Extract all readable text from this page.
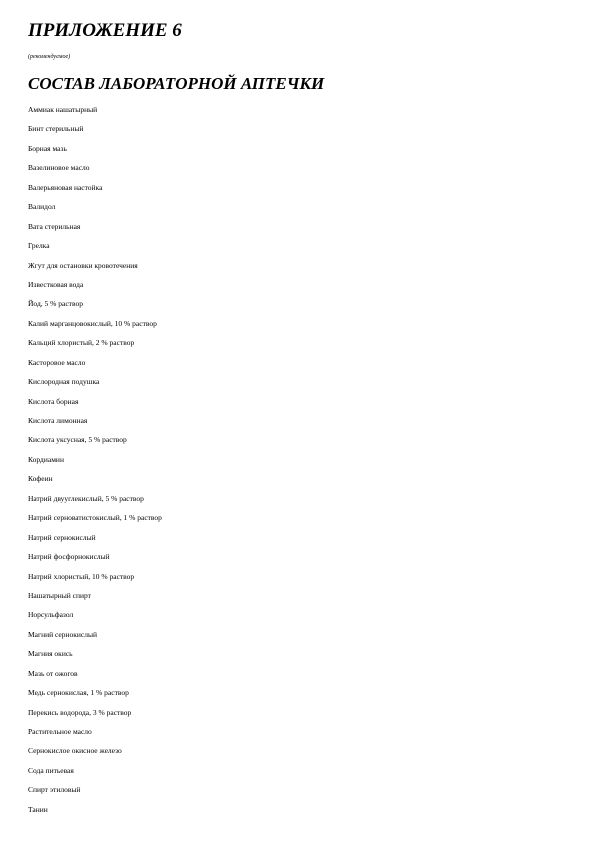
ПРИЛОЖЕНИЕ 6

(рекомендуемое)

СОСТАВ ЛАБОРАТОРНОЙ АПТЕЧКИ
Аммиак нашатырный
Бинт стерильный
Борная мазь
Вазелиновое масло
Валерьяновая настойка
Валидол
Вата стерильная
Грелка
Жгут для остановки кровотечения
Известковая вода
Йод, 5 % раствор
Калий марганцовокислый, 10 % раствор
Кальций хлористый, 2 % раствор
Касторовое масло
Кислородная подушка
Кислота борная
Кислота лимонная
Кислота уксусная, 5 % раствор
Кордиамин
Кофеин
Натрий двууглекислый, 5 % раствор
Натрий серноватистокислый, 1 % раствор
Натрий сернокислый
Натрий фосфорнокислый
Натрий хлористый, 10 % раствор
Нашатырный спирт
Норсульфазол
Магний сернокислый
Магния окись
Мазь от ожогов
Медь сернокислая, 1 % раствор
Перекись водорода, 3 % раствор
Растительное масло
Сернокислое окисное железо
Сода питьевая
Спирт этиловый
Танин
